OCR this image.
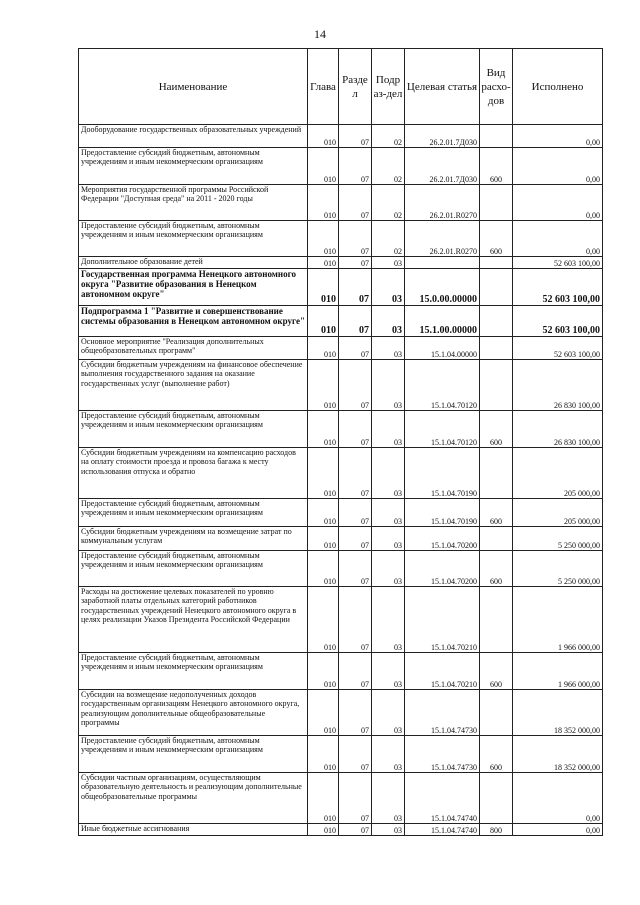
14
Наименование	Глава	Разде л	Подр аз-дел	Целевая статья	Вид расхо- дов	Исполнено
Дооборудование государственных образовательных учреждений	010	07	02	26.2.01.7Д030		0,00
Предоставление субсидий бюджетным, автономным учреждениям и иным некоммерческим организациям	010	07	02	26.2.01.7Д030	600	0,00
Мероприятия государственной программы Российской Федерации "Доступная среда" на 2011 - 2020 годы	010	07	02	26.2.01.R0270		0,00
Предоставление субсидий бюджетным, автономным учреждениям и иным некоммерческим организациям	010	07	02	26.2.01.R0270	600	0,00
Дополнительное образование детей	010	07	03			52 603 100,00
Государственная программа Ненецкого автономного округа "Развитие образования в Ненецком автономном округе"	010	07	03	15.0.00.00000		52 603 100,00
Подпрограмма 1 "Развитие и совершенствование системы образования в Ненецком автономном округе"	010	07	03	15.1.00.00000		52 603 100,00
Основное мероприятие "Реализация дополнительных общеобразовательных программ"	010	07	03	15.1.04.00000		52 603 100,00
Субсидии бюджетным учреждениям на финансовое обеспечение выполнения государственного задания на оказание государственных услуг (выполнение работ)	010	07	03	15.1.04.70120		26 830 100,00
Предоставление субсидий бюджетным, автономным учреждениям и иным некоммерческим организациям	010	07	03	15.1.04.70120	600	26 830 100,00
Субсидии бюджетным учреждениям на компенсацию расходов на оплату стоимости проезда и провоза багажа к месту использования отпуска и обратно	010	07	03	15.1.04.70190		205 000,00
Предоставление субсидий бюджетным, автономным учреждениям и иным некоммерческим организациям	010	07	03	15.1.04.70190	600	205 000,00
Субсидии бюджетным учреждениям на возмещение затрат по коммунальным услугам	010	07	03	15.1.04.70200		5 250 000,00
Предоставление субсидий бюджетным, автономным учреждениям и иным некоммерческим организациям	010	07	03	15.1.04.70200	600	5 250 000,00
Расходы на достижение целевых показателей по уровню заработной платы отдельных категорий работников государственных учреждений Ненецкого автономного округа в целях реализации Указов Президента Российской Федерации	010	07	03	15.1.04.70210		1 966 000,00
Предоставление субсидий бюджетным, автономным учреждениям и иным некоммерческим организациям	010	07	03	15.1.04.70210	600	1 966 000,00
Субсидии на возмещение недополученных доходов государственным организациям Ненецкого автономного округа, реализующим дополнительные общеобразовательные программы	010	07	03	15.1.04.74730		18 352 000,00
Предоставление субсидий бюджетным, автономным учреждениям и иным некоммерческим организациям	010	07	03	15.1.04.74730	600	18 352 000,00
Субсидии частным организациям, осуществляющим образовательную деятельность и реализующим дополнительные общеобразовательные программы	010	07	03	15.1.04.74740		0,00
Иные бюджетные ассигнования	010	07	03	15.1.04.74740	800	0,00
